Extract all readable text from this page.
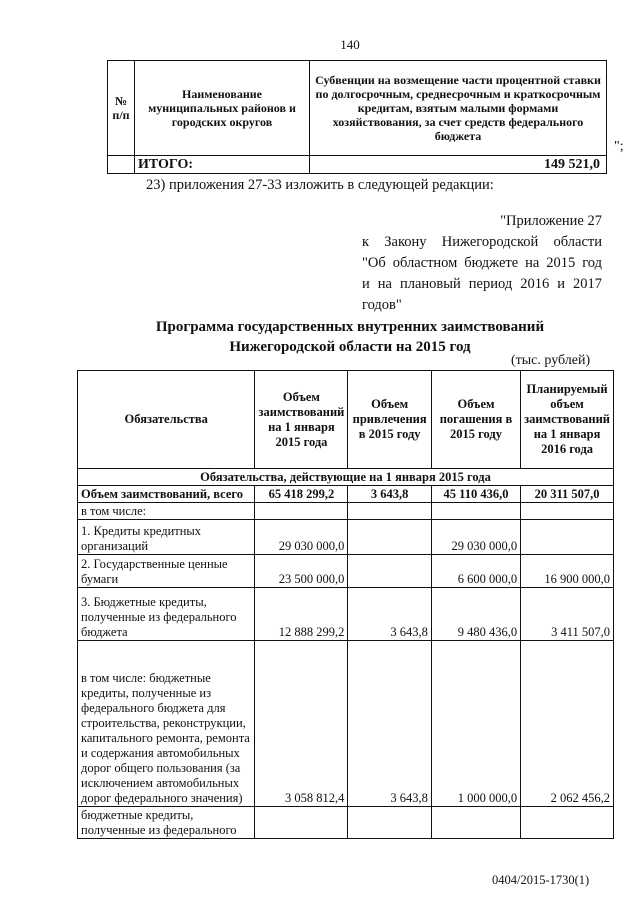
140
№ п/п	Наименование муниципальных районов и городских округов	Субвенции на возмещение части процентной ставки по долгосрочным, среднесрочным и краткосрочным кредитам, взятым малыми формами хозяйствования, за счет средств федерального бюджета
	ИТОГО:	149 521,0
";
23) приложения 27-33 изложить в следующей редакции:
"Приложение 27
к Закону Нижегородской области
"Об областном бюджете на 2015 год
и на плановый период 2016 и 2017
годов"
Программа государственных внутренних заимствований
Нижегородской области на 2015 год
(тыс. рублей)
Обязательства	Объем заимствований на 1 января 2015 года	Объем привлечения в 2015 году	Объем погашения в 2015 году	Планируемый объем заимствований на 1 января 2016 года
Обязательства, действующие на 1 января 2015 года				
Объем заимствований, всего	65 418 299,2	3 643,8	45 110 436,0	20 311 507,0
в том числе:				
1. Кредиты кредитных организаций	29 030 000,0		29 030 000,0	
2. Государственные ценные бумаги	23 500 000,0		6 600 000,0	16 900 000,0
3. Бюджетные кредиты, полученные из федерального бюджета	12 888 299,2	3 643,8	9 480 436,0	3 411 507,0
в том числе: бюджетные кредиты, полученные из федерального бюджета для строительства, реконструкции, капитального ремонта, ремонта и содержания автомобильных дорог общего пользования (за исключением автомобильных дорог федерального значения)	3 058 812,4	3 643,8	1 000 000,0	2 062 456,2
бюджетные кредиты, полученные из федерального				
0404/2015-1730(1)
